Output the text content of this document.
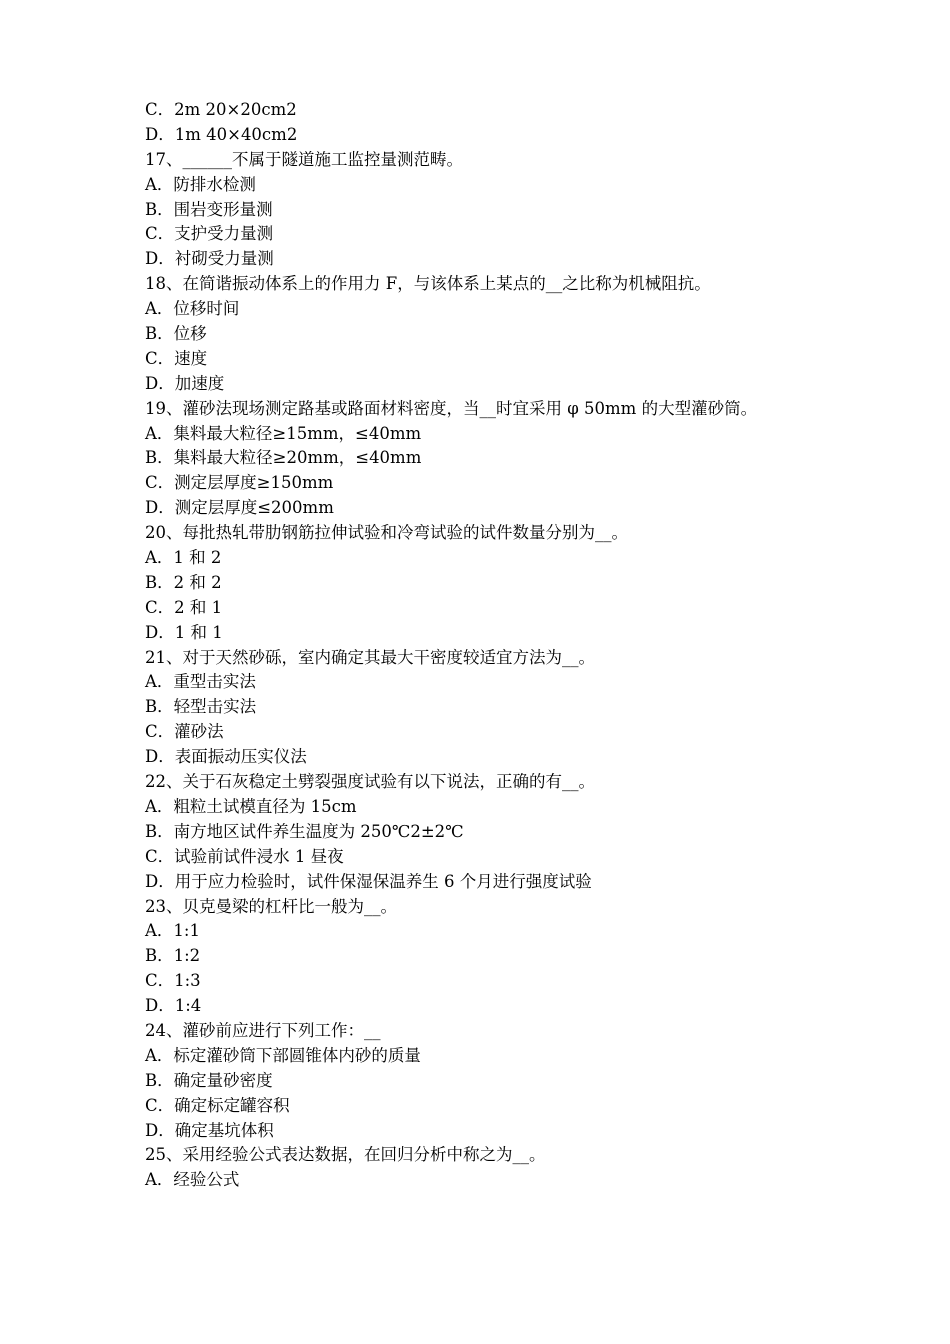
C．2m 20×20cm2
D．1m 40×40cm2
17、______不属于隧道施工监控量测范畴。
A．防排水检测
B．围岩变形量测
C．支护受力量测
D．衬砌受力量测
18、在简谐振动体系上的作用力 F，与该体系上某点的__之比称为机械阻抗。
A．位移时间
B．位移
C．速度
D．加速度
19、灌砂法现场测定路基或路面材料密度，当__时宜采用 φ 50mm 的大型灌砂筒。
A．集料最大粒径≥15mm，≤40mm
B．集料最大粒径≥20mm，≤40mm
C．测定层厚度≥150mm
D．测定层厚度≤200mm
20、每批热轧带肋钢筋拉伸试验和冷弯试验的试件数量分别为__。
A．1 和 2
B．2 和 2
C．2 和 1
D．1 和 1
21、对于天然砂砾，室内确定其最大干密度较适宜方法为__。
A．重型击实法
B．轻型击实法
C．灌砂法
D．表面振动压实仪法
22、关于石灰稳定土劈裂强度试验有以下说法，正确的有__。
A．粗粒土试模直径为 15cm
B．南方地区试件养生温度为 250℃2±2℃
C．试验前试件浸水 1 昼夜
D．用于应力检验时，试件保湿保温养生 6 个月进行强度试验
23、贝克曼梁的杠杆比一般为__。
A．1:1
B．1:2
C．1:3
D．1:4
24、灌砂前应进行下列工作：__
A．标定灌砂筒下部圆锥体内砂的质量
B．确定量砂密度
C．确定标定罐容积
D．确定基坑体积
25、采用经验公式表达数据，在回归分析中称之为__。
A．经验公式
